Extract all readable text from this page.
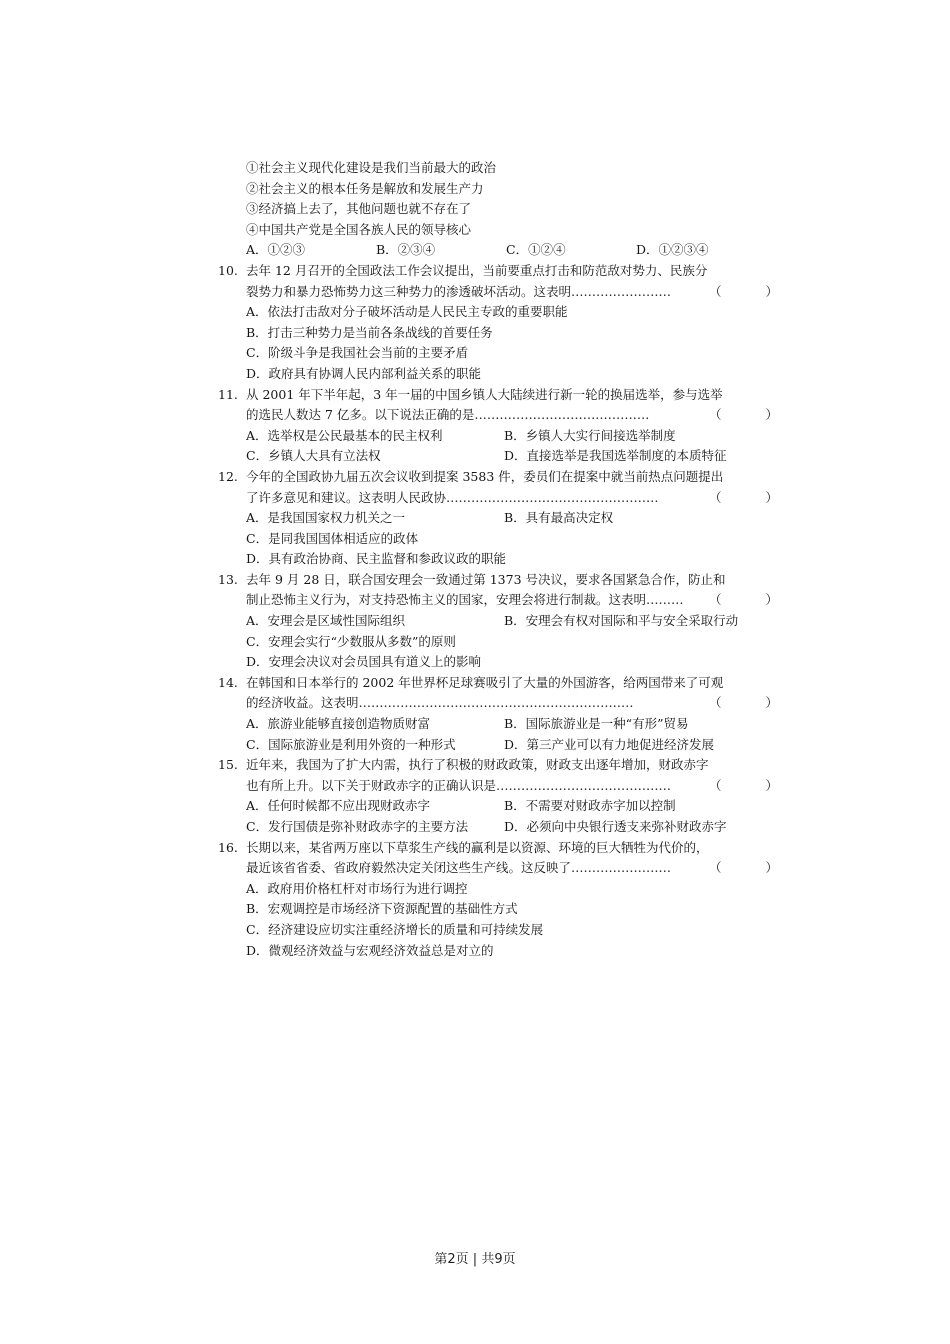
①社会主义现代化建设是我们当前最大的政治
②社会主义的根本任务是解放和发展生产力
③经济搞上去了，其他问题也就不存在了
④中国共产党是全国各族人民的领导核心
A．①②③	B．②③④	C．①②④	D．①②③④
10. 去年 12 月召开的全国政法工作会议提出，当前要重点打击和防范敌对势力、民族分
裂势力和暴力恐怖势力这三种势力的渗透破坏活动。这表明……………………	（ ）
A．依法打击敌对分子破坏活动是人民民主专政的重要职能
B．打击三种势力是当前各条战线的首要任务
C．阶级斗争是我国社会当前的主要矛盾
D．政府具有协调人民内部利益关系的职能
11. 从 2001 年下半年起，3 年一届的中国乡镇人大陆续进行新一轮的换届选举，参与选举
的选民人数达 7 亿多。以下说法正确的是……………………………………	（ ）
A．选举权是公民最基本的民主权利	B．乡镇人大实行间接选举制度
C．乡镇人大具有立法权	D．直接选举是我国选举制度的本质特征
12. 今年的全国政协九届五次会议收到提案 3583 件，委员们在提案中就当前热点问题提出
了许多意见和建议。这表明人民政协……………………………………………	（ ）
A．是我国国家权力机关之一	B．具有最高决定权
C．是同我国国体相适应的政体
D．具有政治协商、民主监督和参政议政的职能
13. 去年 9 月 28 日，联合国安理会一致通过第 1373 号决议，要求各国紧急合作，防止和
制止恐怖主义行为，对支持恐怖主义的国家，安理会将进行制裁。这表明………	（ ）
A．安理会是区域性国际组织	B．安理会有权对国际和平与安全采取行动
C．安理会实行“少数服从多数”的原则
D．安理会决议对会员国具有道义上的影响
14. 在韩国和日本举行的 2002 年世界杯足球赛吸引了大量的外国游客，给两国带来了可观
的经济收益。这表明…………………………………………………………	（ ）
A．旅游业能够直接创造物质财富	B．国际旅游业是一种“有形”贸易
C．国际旅游业是利用外资的一种形式	D．第三产业可以有力地促进经济发展
15. 近年来，我国为了扩大内需，执行了积极的财政政策，财政支出逐年增加，财政赤字
也有所上升。以下关于财政赤字的正确认识是……………………………………	（ ）
A．任何时候都不应出现财政赤字	B．不需要对财政赤字加以控制
C．发行国债是弥补财政赤字的主要方法	D．必须向中央银行透支来弥补财政赤字
16. 长期以来，某省两万座以下草浆生产线的赢利是以资源、环境的巨大牺牲为代价的，
最近该省省委、省政府毅然决定关闭这些生产线。这反映了……………………	（ ）
A．政府用价格杠杆对市场行为进行调控
B．宏观调控是市场经济下资源配置的基础性方式
C．经济建设应切实注重经济增长的质量和可持续发展
D．微观经济效益与宏观经济效益总是对立的
第2页 | 共9页
